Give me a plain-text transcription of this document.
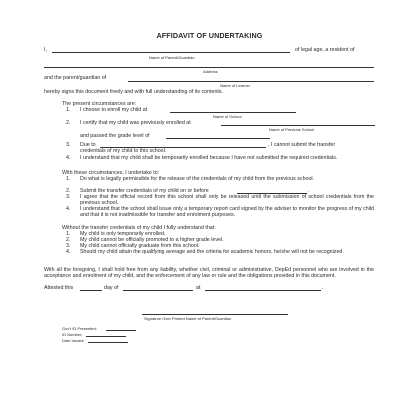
AFFIDAVIT OF UNDERTAKING
I,	of legal age, a resident of
Name of Parent/Guardian
Address
and the parent/guardian of
Name of Learner
hereby signs this document freely and with full understanding of its contents.
The present circumstances are:
1. I choose to enroll my child at
Name of School
2. I certify that my child was previously enrolled at
Name of Previous School
and passed the grade level of
3. Due to	, I cannot submit the transfer
credentials of my child to this school.
4. I understand that my child shall be temporarily enrolled because I have not submitted the required credentials.
With these circumstances, I undertake to:
1. Do what is legally permissible for the release of the credentials of my child from the previous school.
2. Submit the transfer credentials of my child on or before	.
3. I agree that the official record from this school shall only be released until the submission of school credentials from the previous school.
4. I understand that the school shall issue only a temporary report card signed by the adviser to monitor the progress of my child and that it is not inadmissible for transfer and enrolment purposes.
Without the transfer credentials of my child I fully understand that:
1. My child is only temporarily enrolled.
2. My child cannot be officially promoted to a higher grade level.
3. My child cannot officially graduate from this school.
4. Should my child attain the qualifying average and the criteria for academic honors, he/she will not be recognized.
With all the foregoing, I shall hold free from any liability, whether civil, criminal or administrative, DepEd personnel who are involved in the acceptance and enrolment of my child, and the enforcement of any law or rule and the obligations provided in this document.
Attested this	day of	at	.
Signature Over Printed Name of Parent/Guardian
Gov't ID Presented:
ID Number:
Date Issued:
